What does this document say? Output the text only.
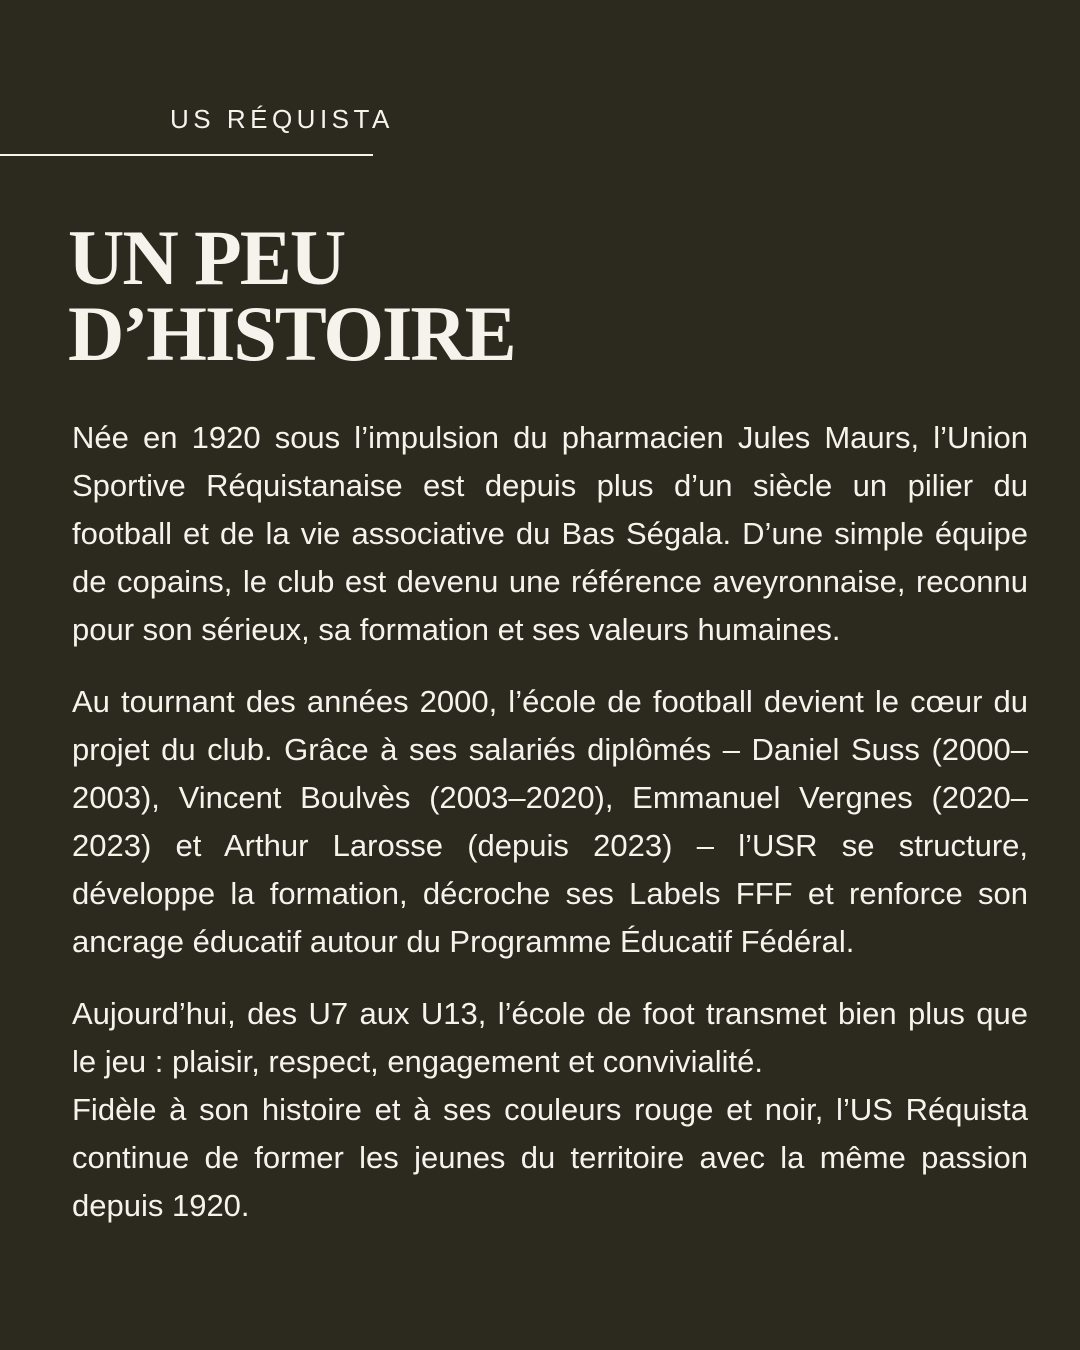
US RÉQUISTA
UN PEU
D’HISTOIRE

Née en 1920 sous l’impulsion du pharmacien Jules Maurs, l’Union Sportive Réquistanaise est depuis plus d’un siècle un pilier du football et de la vie associative du Bas Ségala. D’une simple équipe de copains, le club est devenu une référence aveyronnaise, reconnu pour son sérieux, sa formation et ses valeurs humaines.

Au tournant des années 2000, l’école de football devient le cœur du projet du club. Grâce à ses salariés diplômés – Daniel Suss (2000–2003), Vincent Boulvès (2003–2020), Emmanuel Vergnes (2020–2023) et Arthur Larosse (depuis 2023) – l’USR se structure, développe la formation, décroche ses Labels FFF et renforce son ancrage éducatif autour du Programme Éducatif Fédéral.

Aujourd’hui, des U7 aux U13, l’école de foot transmet bien plus que le jeu : plaisir, respect, engagement et convivialité.

Fidèle à son histoire et à ses couleurs rouge et noir, l’US Réquista continue de former les jeunes du territoire avec la même passion depuis 1920.
